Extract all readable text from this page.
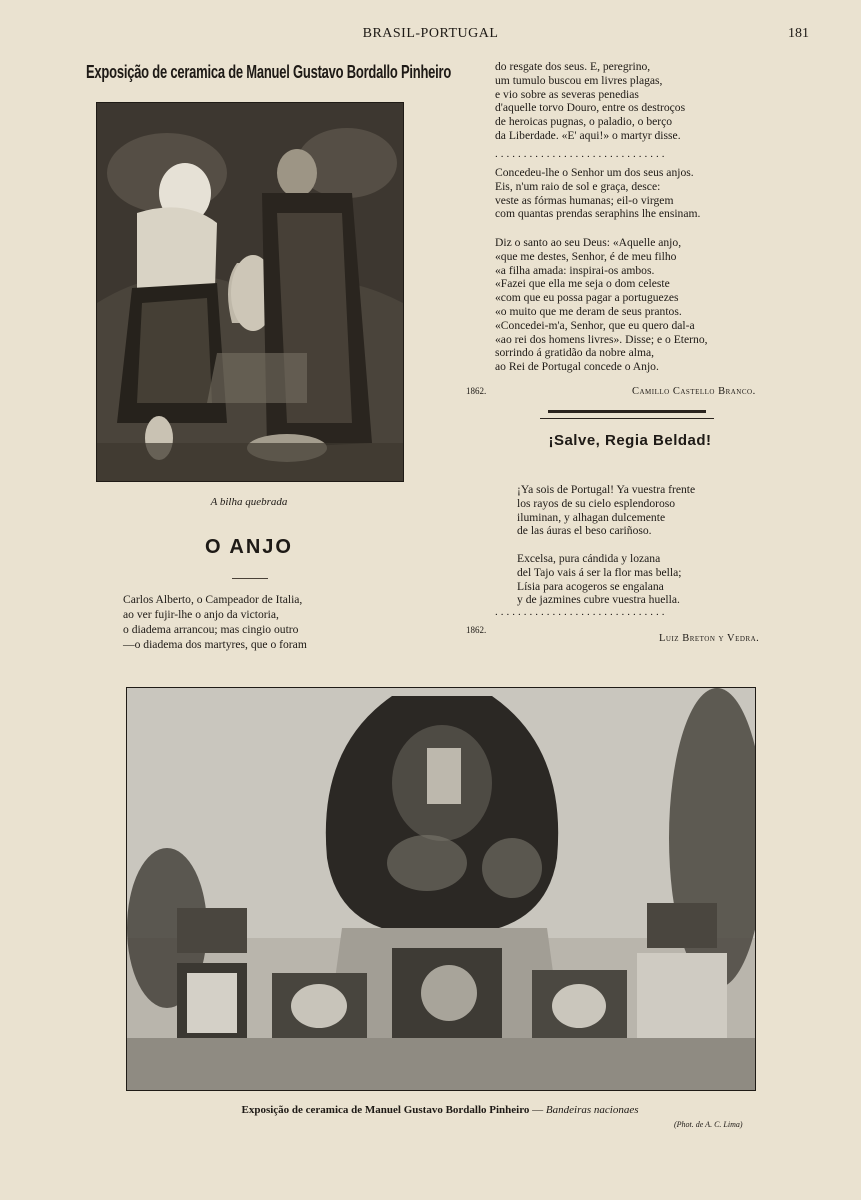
BRASIL-PORTUGAL	181
Exposição de ceramica de Manuel Gustavo Bordallo Pinheiro
A bilha quebrada
O ANJO
Carlos Alberto, o Campeador de Italia,
ao ver fujir-lhe o anjo da victoria,
o diadema arrancou; mas cingio outro
—o diadema dos martyres, que o foram
do resgate dos seus. E, peregrino,
um tumulo buscou em livres plagas,
e vio sobre as severas penedias
d'aquelle torvo Douro, entre os destroços
de heroicas pugnas, o paladio, o berço
da Liberdade. «E' aqui!» o martyr disse.
..............................
Concedeu-lhe o Senhor um dos seus anjos.
Eis, n'um raio de sol e graça, desce:
veste as fórmas humanas; eil-o virgem
com quantas prendas seraphins lhe ensinam.
Diz o santo ao seu Deus: «Aquelle anjo,
«que me destes, Senhor, é de meu filho
«a filha amada: inspirai-os ambos.
«Fazei que ella me seja o dom celeste
«com que eu possa pagar a portuguezes
«o muito que me deram de seus prantos.
«Concedei-m'a, Senhor, que eu quero dal-a
«ao rei dos homens livres». Disse; e o Eterno,
sorrindo á gratidão da nobre alma,
ao Rei de Portugal concede o Anjo.
1862.	Camillo Castello Branco.
¡Salve, Regia Beldad!
¡Ya sois de Portugal! Ya vuestra frente
los rayos de su cielo esplendoroso
iluminan, y alhagan dulcemente
de las áuras el beso cariñoso.
Excelsa, pura cándida y lozana
del Tajo vais á ser la flor mas bella;
Lísia para acogeros se engalana
y de jazmines cubre vuestra huella.
..............................
1862.
Luiz Breton y Vedra.
Exposição de ceramica de Manuel Gustavo Bordallo Pinheiro — Bandeiras nacionaes
(Phot. de A. C. Lima)
